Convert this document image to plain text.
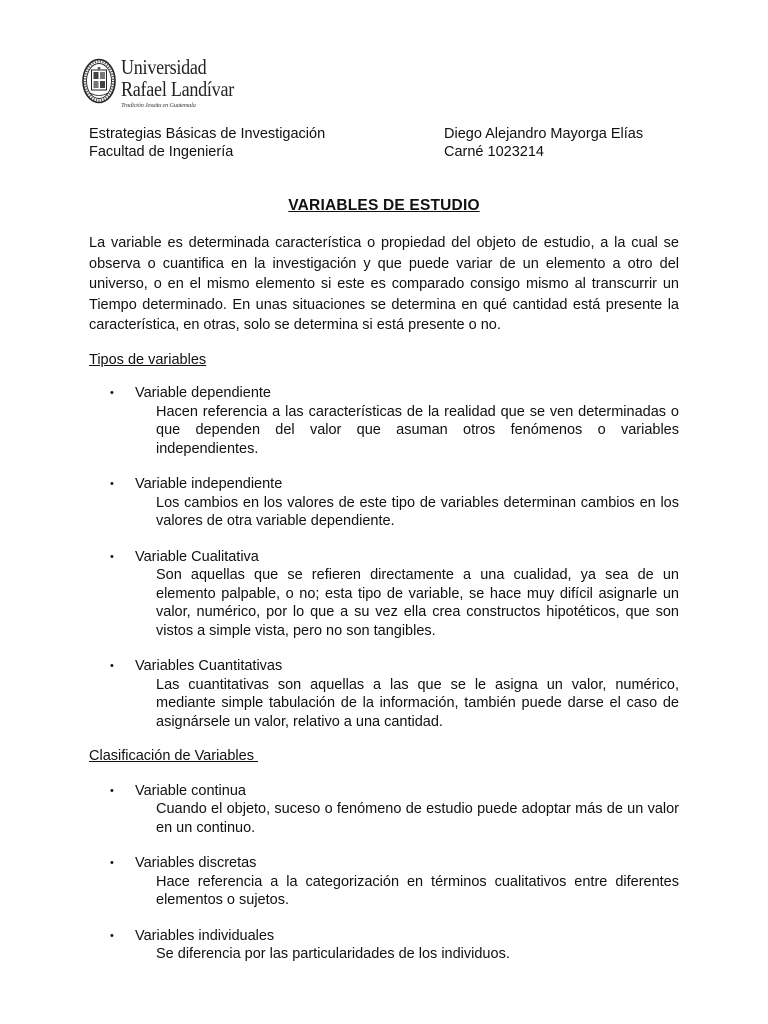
Universidad
Rafael Landívar
Tradición Jesuita en Guatemala
Estrategias Básicas de Investigación
Facultad de Ingeniería
Diego Alejandro Mayorga Elías
Carné 1023214
VARIABLES DE ESTUDIO

La variable es determinada característica o propiedad del objeto de estudio, a la cual se observa o cuantifica en la investigación y que puede variar de un elemento a otro del universo, o en el mismo elemento si este es comparado consigo mismo al transcurrir un Tiempo determinado. En unas situaciones se determina en qué cantidad está presente la característica, en otras, solo se determina si está presente o no.

Tipos de variables

• Variable dependiente
Hacen referencia a las características de la realidad que se ven determinadas o que dependen del valor que asuman otros fenómenos o variables independientes.
• Variable independiente
Los cambios en los valores de este tipo de variables determinan cambios en los valores de otra variable dependiente.
• Variable Cualitativa
Son aquellas que se refieren directamente a una cualidad, ya sea de un elemento palpable, o no; esta tipo de variable, se hace muy difícil asignarle un valor, numérico, por lo que a su vez ella crea constructos hipotéticos, que son vistos a simple vista, pero no son tangibles.
• Variables Cuantitativas
Las cuantitativas son aquellas a las que se le asigna un valor, numérico, mediante simple tabulación de la información, también puede darse el caso de asignársele un valor, relativo a una cantidad.

Clasificación de Variables

• Variable continua
Cuando el objeto, suceso o fenómeno de estudio puede adoptar más de un valor en un continuo.
• Variables discretas
Hace referencia a la categorización en términos cualitativos entre diferentes elementos o sujetos.
• Variables individuales
Se diferencia por las particularidades de los individuos.
